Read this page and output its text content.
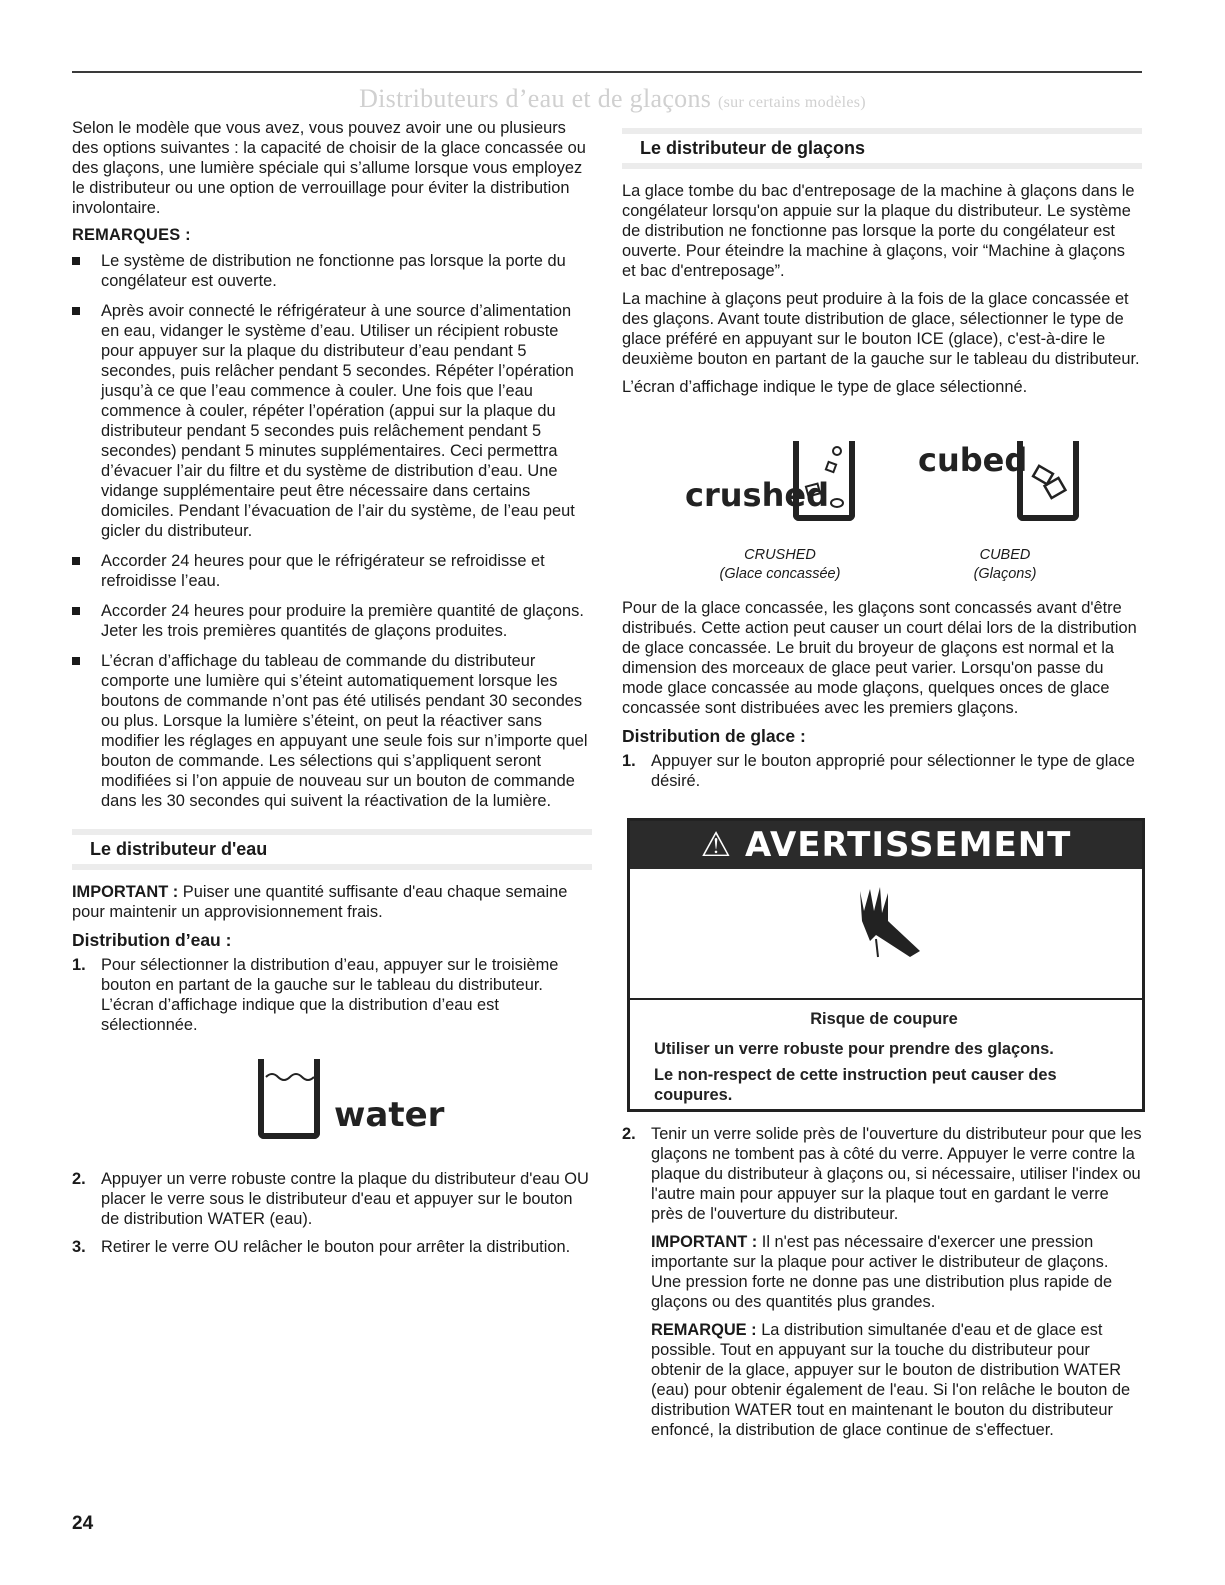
Distributeurs d’eau et de glaçons (sur certains modèles)

Selon le modèle que vous avez, vous pouvez avoir une ou plusieurs des options suivantes : la capacité de choisir de la glace concassée ou des glaçons, une lumière spéciale qui s’allume lorsque vous employez le distributeur ou une option de verrouillage pour éviter la distribution involontaire.

REMARQUES :
Le système de distribution ne fonctionne pas lorsque la porte du congélateur est ouverte.
Après avoir connecté le réfrigérateur à une source d’alimentation en eau, vidanger le système d’eau. Utiliser un récipient robuste pour appuyer sur la plaque du distributeur d’eau pendant 5 secondes, puis relâcher pendant 5 secondes. Répéter l’opération jusqu’à ce que l’eau commence à couler. Une fois que l’eau commence à couler, répéter l’opération (appui sur la plaque du distributeur pendant 5 secondes puis relâchement pendant 5 secondes) pendant 5 minutes supplémentaires. Ceci permettra d’évacuer l’air du filtre et du système de distribution d’eau. Une vidange supplémentaire peut être nécessaire dans certains domiciles. Pendant l’évacuation de l’air du système, de l’eau peut gicler du distributeur.
Accorder 24 heures pour que le réfrigérateur se refroidisse et refroidisse l’eau.
Accorder 24 heures pour produire la première quantité de glaçons. Jeter les trois premières quantités de glaçons produites.
L’écran d’affichage du tableau de commande du distributeur comporte une lumière qui s’éteint automatiquement lorsque les boutons de commande n’ont pas été utilisés pendant 30 secondes ou plus. Lorsque la lumière s’éteint, on peut la réactiver sans modifier les réglages en appuyant une seule fois sur n’importe quel bouton de commande. Les sélections qui s’appliquent seront modifiées si l’on appuie de nouveau sur un bouton de commande dans les 30 secondes qui suivent la réactivation de la lumière.
Le distributeur d'eau

IMPORTANT : Puiser une quantité suffisante d'eau chaque semaine pour maintenir un approvisionnement frais.

Distribution d’eau :
1. Pour sélectionner la distribution d’eau, appuyer sur le troisième bouton en partant de la gauche sur le tableau du distributeur. L’écran d’affichage indique que la distribution d’eau est sélectionnée.
water
2. Appuyer un verre robuste contre la plaque du distributeur d'eau OU placer le verre sous le distributeur d'eau et appuyer sur le bouton de distribution WATER (eau).
3. Retirer le verre OU relâcher le bouton pour arrêter la distribution.
Le distributeur de glaçons

La glace tombe du bac d'entreposage de la machine à glaçons dans le congélateur lorsqu'on appuie sur la plaque du distributeur. Le système de distribution ne fonctionne pas lorsque la porte du congélateur est ouverte. Pour éteindre la machine à glaçons, voir “Machine à glaçons et bac d'entreposage”.

La machine à glaçons peut produire à la fois de la glace concassée et des glaçons. Avant toute distribution de glace, sélectionner le type de glace préféré en appuyant sur le bouton ICE (glace), c'est-à-dire le deuxième bouton en partant de la gauche sur le tableau du distributeur.

L’écran d’affichage indique le type de glace sélectionné.

crushed
cubed
CRUSHED
(Glace concassée)
CUBED
(Glaçons)

Pour de la glace concassée, les glaçons sont concassés avant d'être distribués. Cette action peut causer un court délai lors de la distribution de glace concassée. Le bruit du broyeur de glaçons est normal et la dimension des morceaux de glace peut varier. Lorsqu'on passe du mode glace concassée au mode glaçons, quelques onces de glace concassée sont distribuées avec les premiers glaçons.

Distribution de glace :
1. Appuyer sur le bouton approprié pour sélectionner le type de glace désiré.
⚠ AVERTISSEMENT
Risque de coupure
Utiliser un verre robuste pour prendre des glaçons.
Le non-respect de cette instruction peut causer des coupures.
2. Tenir un verre solide près de l'ouverture du distributeur pour que les glaçons ne tombent pas à côté du verre. Appuyer le verre contre la plaque du distributeur à glaçons ou, si nécessaire, utiliser l'index ou l'autre main pour appuyer sur la plaque tout en gardant le verre près de l'ouverture du distributeur.

IMPORTANT : Il n'est pas nécessaire d'exercer une pression importante sur la plaque pour activer le distributeur de glaçons. Une pression forte ne donne pas une distribution plus rapide de glaçons ou des quantités plus grandes.

REMARQUE : La distribution simultanée d'eau et de glace est possible. Tout en appuyant sur la touche du distributeur pour obtenir de la glace, appuyer sur le bouton de distribution WATER (eau) pour obtenir également de l'eau. Si l'on relâche le bouton de distribution WATER tout en maintenant le bouton du distributeur enfoncé, la distribution de glace continue de s'effectuer.

24
